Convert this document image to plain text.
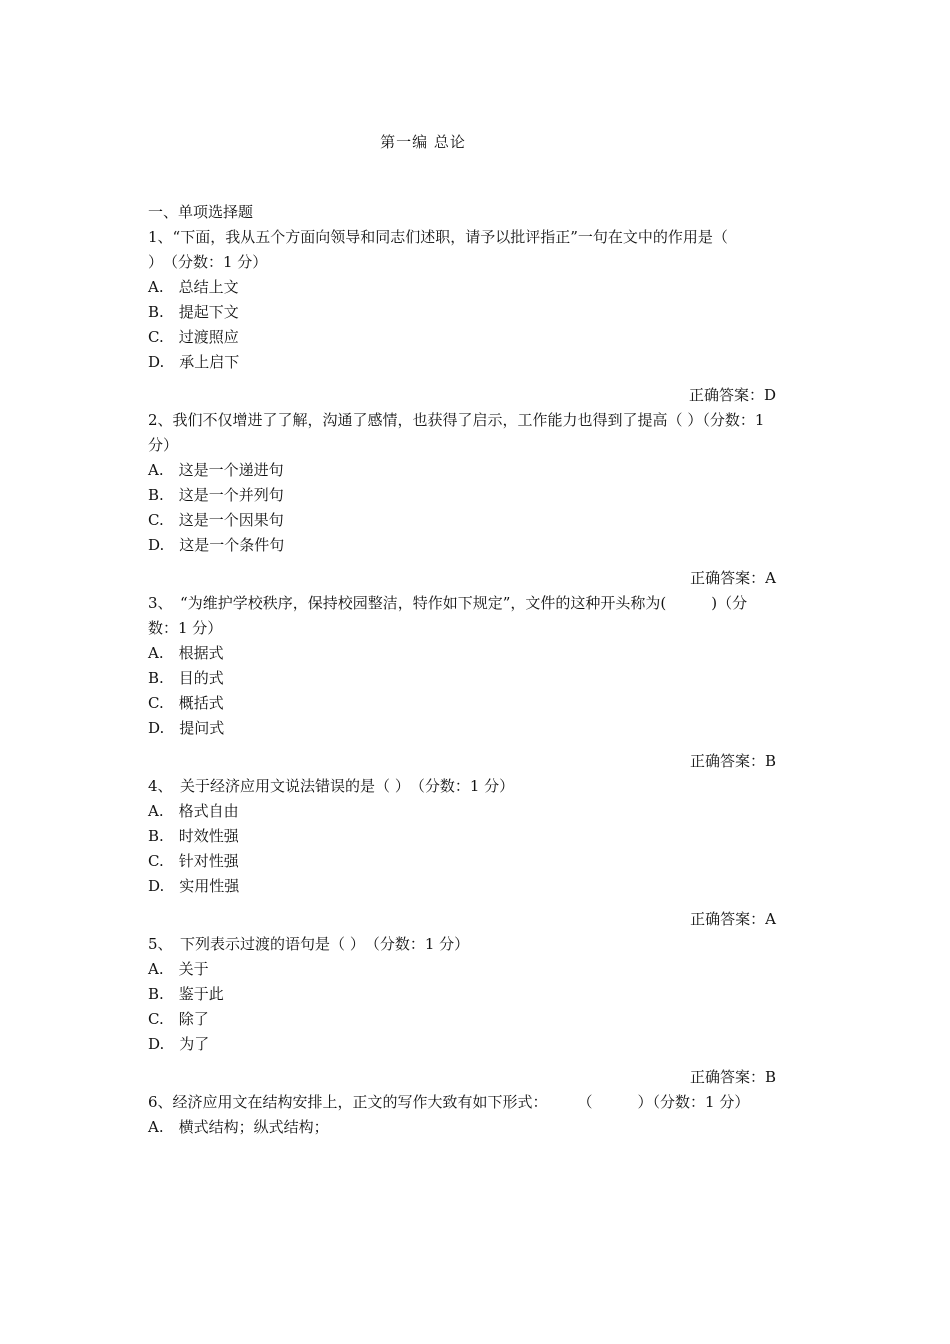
第一编 总论
一、单项选择题
1、“下面，我从五个方面向领导和同志们述职，请予以批评指正”一句在文中的作用是（　　　）　（分数：1 分）
A.　总结上文
B.　提起下文
C.　过渡照应
D.　承上启下
正确答案：D
2、我们不仅增进了了解，沟通了感情，也获得了启示，工作能力也得到了提高（ ）（分数：1 分）
A.　这是一个递进句
B.　这是一个并列句
C.　这是一个因果句
D.　这是一个条件句
正确答案：A
3、　“为维护学校秩序，保持校园整洁，特作如下规定”，文件的这种开头称为(　　　)（分数：1 分）
A.　根据式
B.　目的式
C.　概括式
D.　提问式
正确答案：B
4、　关于经济应用文说法错误的是（ ）　（分数：1 分）
A.　格式自由
B.　时效性强
C.　针对性强
D.　实用性强
正确答案：A
5、　下列表示过渡的语句是（ ）　（分数：1 分）
A.　关于
B.　鉴于此
C.　除了
D.　为了
正确答案：B
6、经济应用文在结构安排上，正文的写作大致有如下形式：　　　（　　　）（分数：1 分）
A.　横式结构；纵式结构；
